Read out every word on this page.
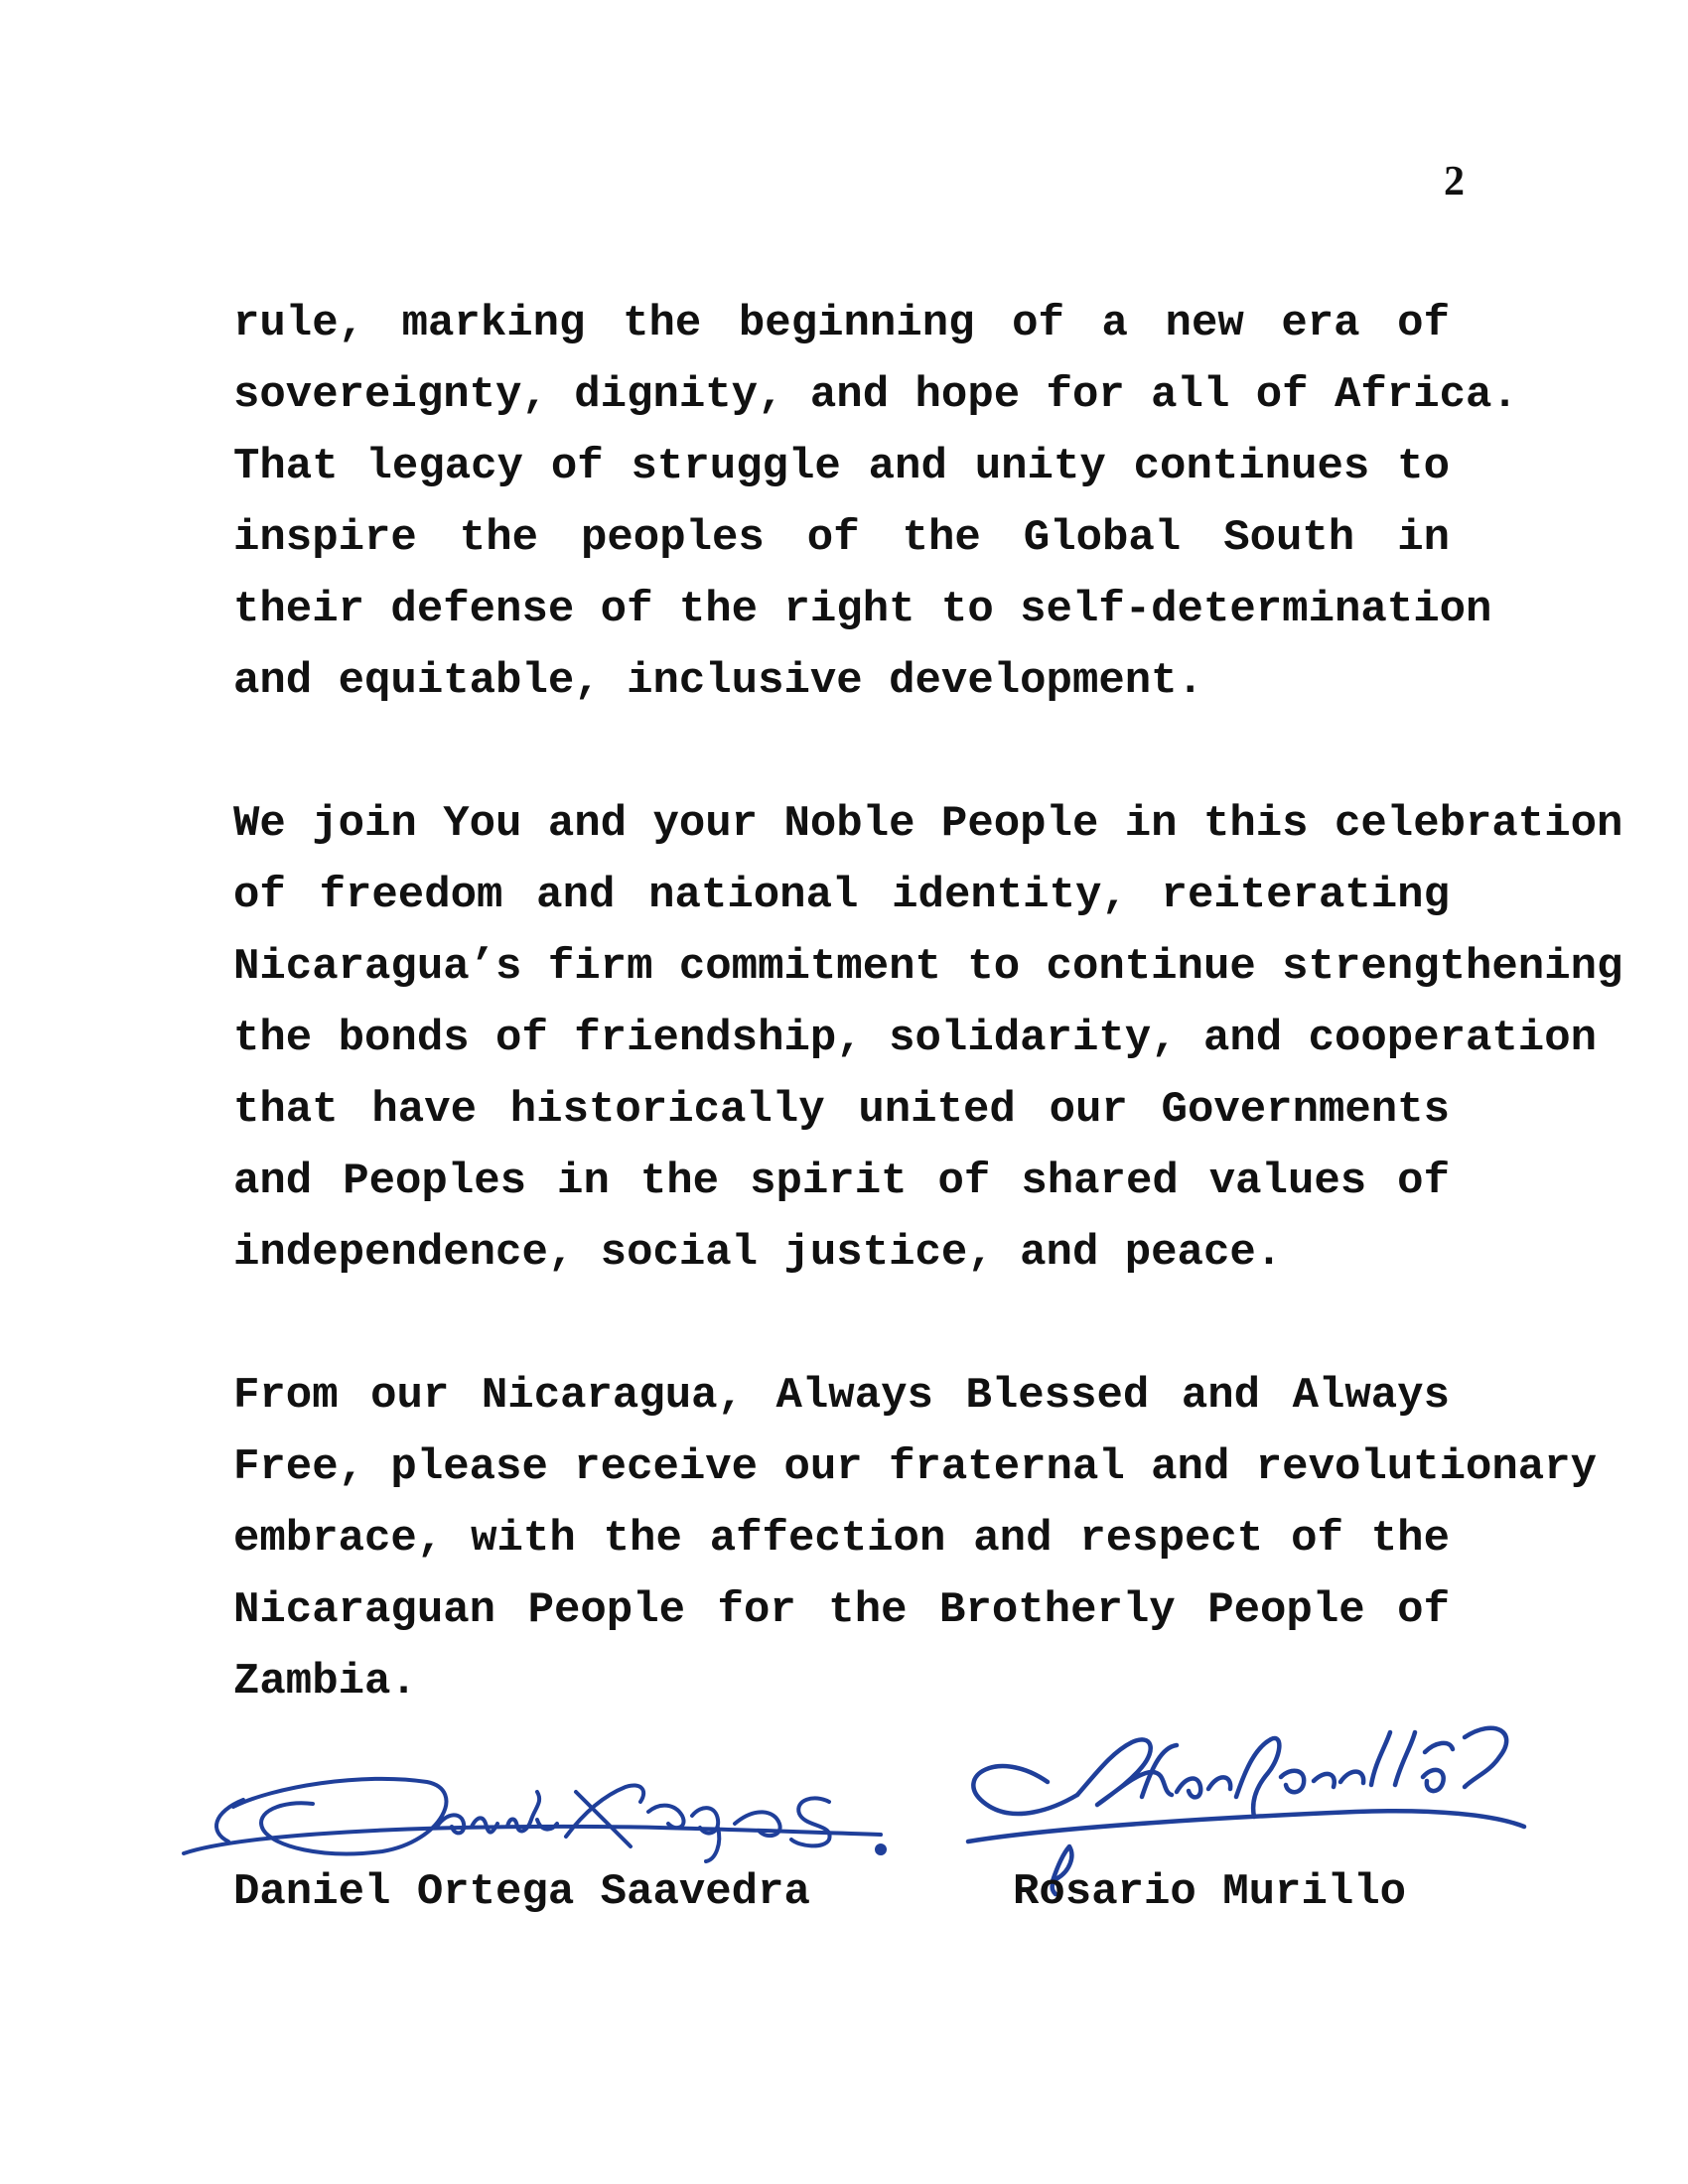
2

rule, marking the beginning of a new era of
sovereignty, dignity, and hope for all of Africa.
That legacy of struggle and unity continues to
inspire the peoples of the Global South in
their defense of the right to self-determination
and equitable, inclusive development.

We join You and your Noble People in this celebration
of freedom and national identity, reiterating
Nicaragua’s firm commitment to continue strengthening
the bonds of friendship, solidarity, and cooperation
that have historically united our Governments
and Peoples in the spirit of shared values of
independence, social justice, and peace.

From our Nicaragua, Always Blessed and Always
Free, please receive our fraternal and revolutionary
embrace, with the affection and respect of the
Nicaraguan People for the Brotherly People of
Zambia.

Daniel Ortega Saavedra	Rosario Murillo
